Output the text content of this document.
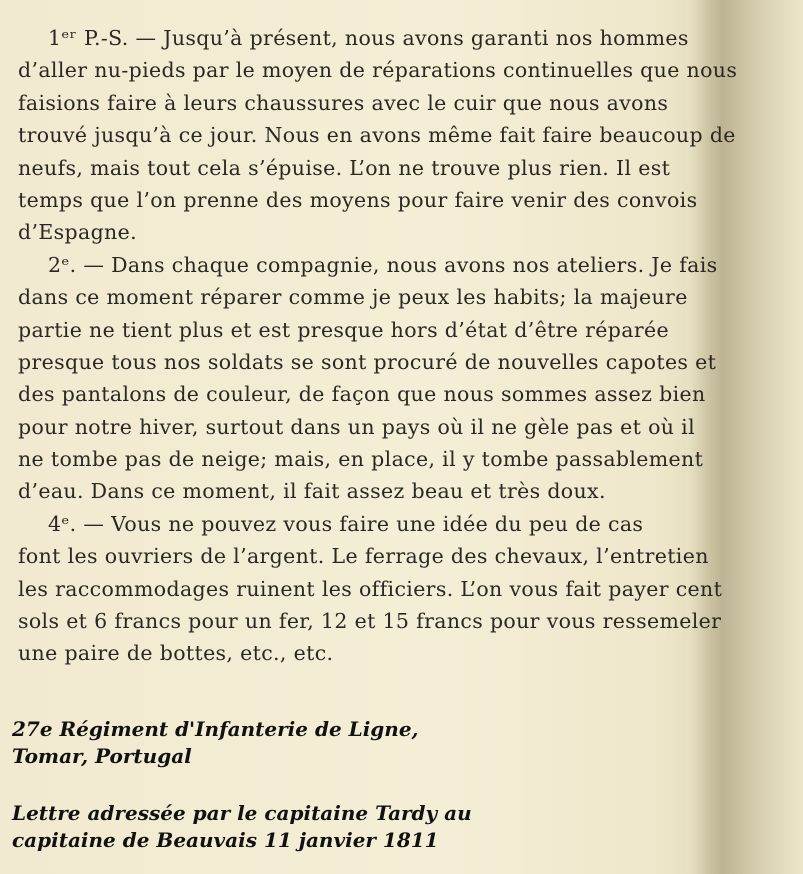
1ᵉʳ P.-S. — Jusqu’à présent, nous avons garanti nos hommes
d’aller nu-pieds par le moyen de réparations continuelles que nous
faisions faire à leurs chaussures avec le cuir que nous avons
trouvé jusqu’à ce jour. Nous en avons même fait faire beaucoup de
neufs, mais tout cela s’épuise. L’on ne trouve plus rien. Il est
temps que l’on prenne des moyens pour faire venir des convois
d’Espagne.

2ᵉ. — Dans chaque compagnie, nous avons nos ateliers. Je fais
dans ce moment réparer comme je peux les habits; la majeure
partie ne tient plus et est presque hors d’état d’être réparée
presque tous nos soldats se sont procuré de nouvelles capotes et
des pantalons de couleur, de façon que nous sommes assez bien
pour notre hiver, surtout dans un pays où il ne gèle pas et où il
ne tombe pas de neige; mais, en place, il y tombe passablement
d’eau. Dans ce moment, il fait assez beau et très doux.

4ᵉ. — Vous ne pouvez vous faire une idée du peu de cas
font les ouvriers de l’argent. Le ferrage des chevaux, l’entretien
les raccommodages ruinent les officiers. L’on vous fait payer cent
sols et 6 francs pour un fer, 12 et 15 francs pour vous ressemeler
une paire de bottes, etc., etc.

27e Régiment d'Infanterie de Ligne,
Tomar, Portugal
Lettre adressée par le capitaine Tardy au
capitaine de Beauvais 11 janvier 1811
